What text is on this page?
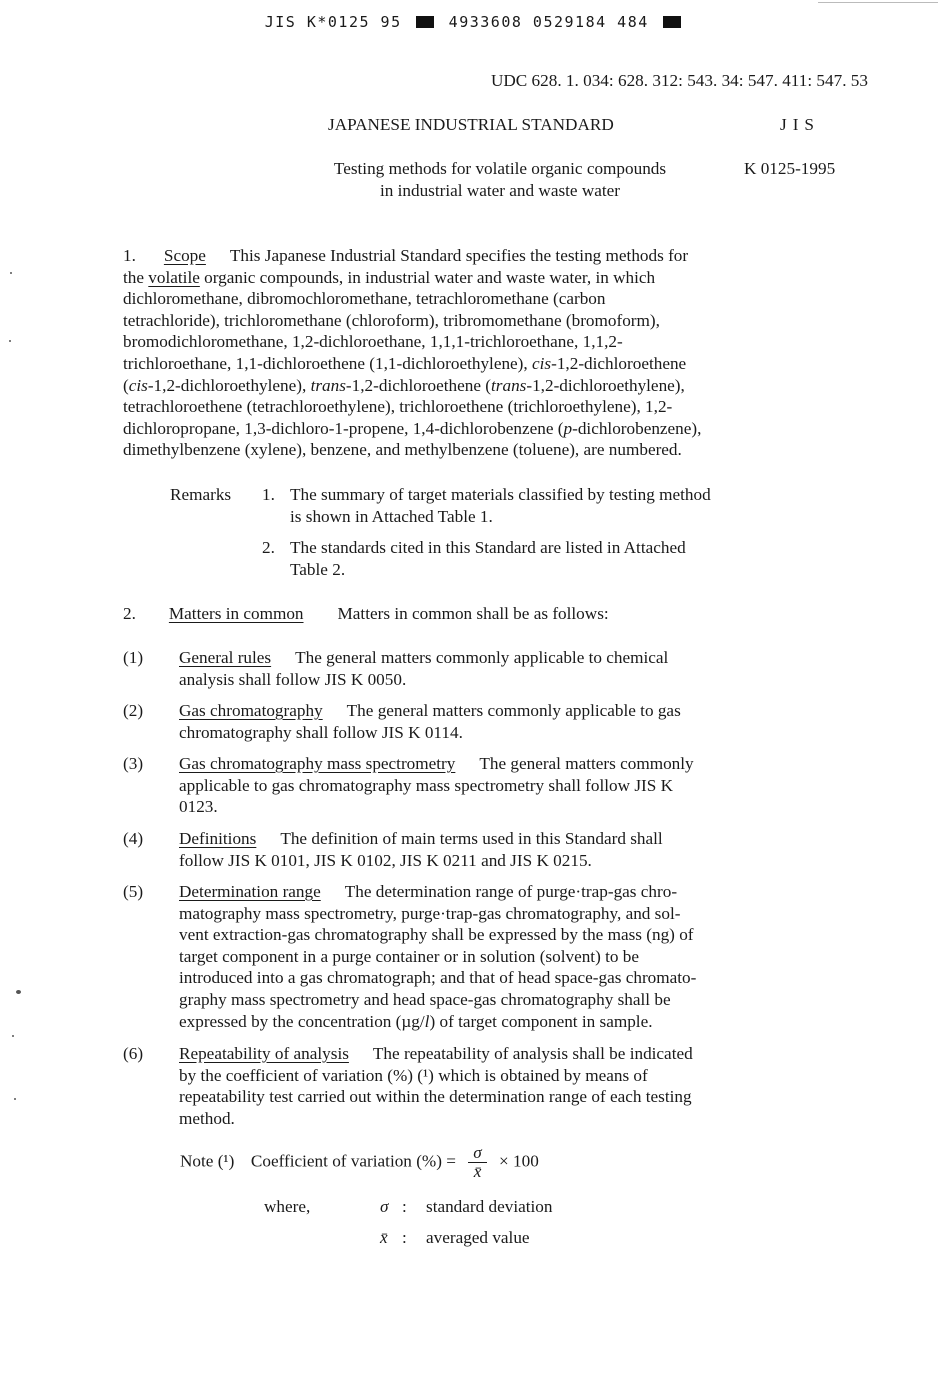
JIS K*0125 95	4933608 0529184 484
UDC 628. 1. 034: 628. 312: 543. 34: 547. 411: 547. 53
JAPANESE INDUSTRIAL STANDARD	JIS
Testing methods for volatile organic compounds
in industrial water and waste water
K 0125-1995
1. Scope This Japanese Industrial Standard specifies the testing methods for
the volatile organic compounds, in industrial water and waste water, in which
dichloromethane, dibromochloromethane, tetrachloromethane (carbon
tetrachloride), trichloromethane (chloroform), tribromomethane (bromoform),
bromodichloromethane, 1,2-dichloroethane, 1,1,1-trichloroethane, 1,1,2-
trichloroethane, 1,1-dichloroethene (1,1-dichloroethylene), cis-1,2-dichloroethene
(cis-1,2-dichloroethylene), trans-1,2-dichloroethene (trans-1,2-dichloroethylene),
tetrachloroethene (tetrachloroethylene), trichloroethene (trichloroethylene), 1,2-
dichloropropane, 1,3-dichloro-1-propene, 1,4-dichlorobenzene (p-dichlorobenzene),
dimethylbenzene (xylene), benzene, and methylbenzene (toluene), are numbered.
Remarks 1. The summary of target materials classified by testing method
is shown in Attached Table 1.
2. The standards cited in this Standard are listed in Attached
Table 2.
2. Matters in common Matters in common shall be as follows:
(1) General rules The general matters commonly applicable to chemical
analysis shall follow JIS K 0050.
(2) Gas chromatography The general matters commonly applicable to gas
chromatography shall follow JIS K 0114.
(3) Gas chromatography mass spectrometry The general matters commonly
applicable to gas chromatography mass spectrometry shall follow JIS K
0123.
(4) Definitions The definition of main terms used in this Standard shall
follow JIS K 0101, JIS K 0102, JIS K 0211 and JIS K 0215.
(5) Determination range The determination range of purge·trap-gas chro-
matography mass spectrometry, purge·trap-gas chromatography, and sol-
vent extraction-gas chromatography shall be expressed by the mass (ng) of
target component in a purge container or in solution (solvent) to be
introduced into a gas chromatograph; and that of head space-gas chromato-
graphy mass spectrometry and head space-gas chromatography shall be
expressed by the concentration (µg/l) of target component in sample.
(6) Repeatability of analysis The repeatability of analysis shall be indicated
by the coefficient of variation (%) (¹) which is obtained by means of
repeatability test carried out within the determination range of each testing
method.
Note (¹) Coefficient of variation (%) = $\frac{\sigma}{x̄} \times 100$
where,	σ : standard deviation
x̄ : averaged value
